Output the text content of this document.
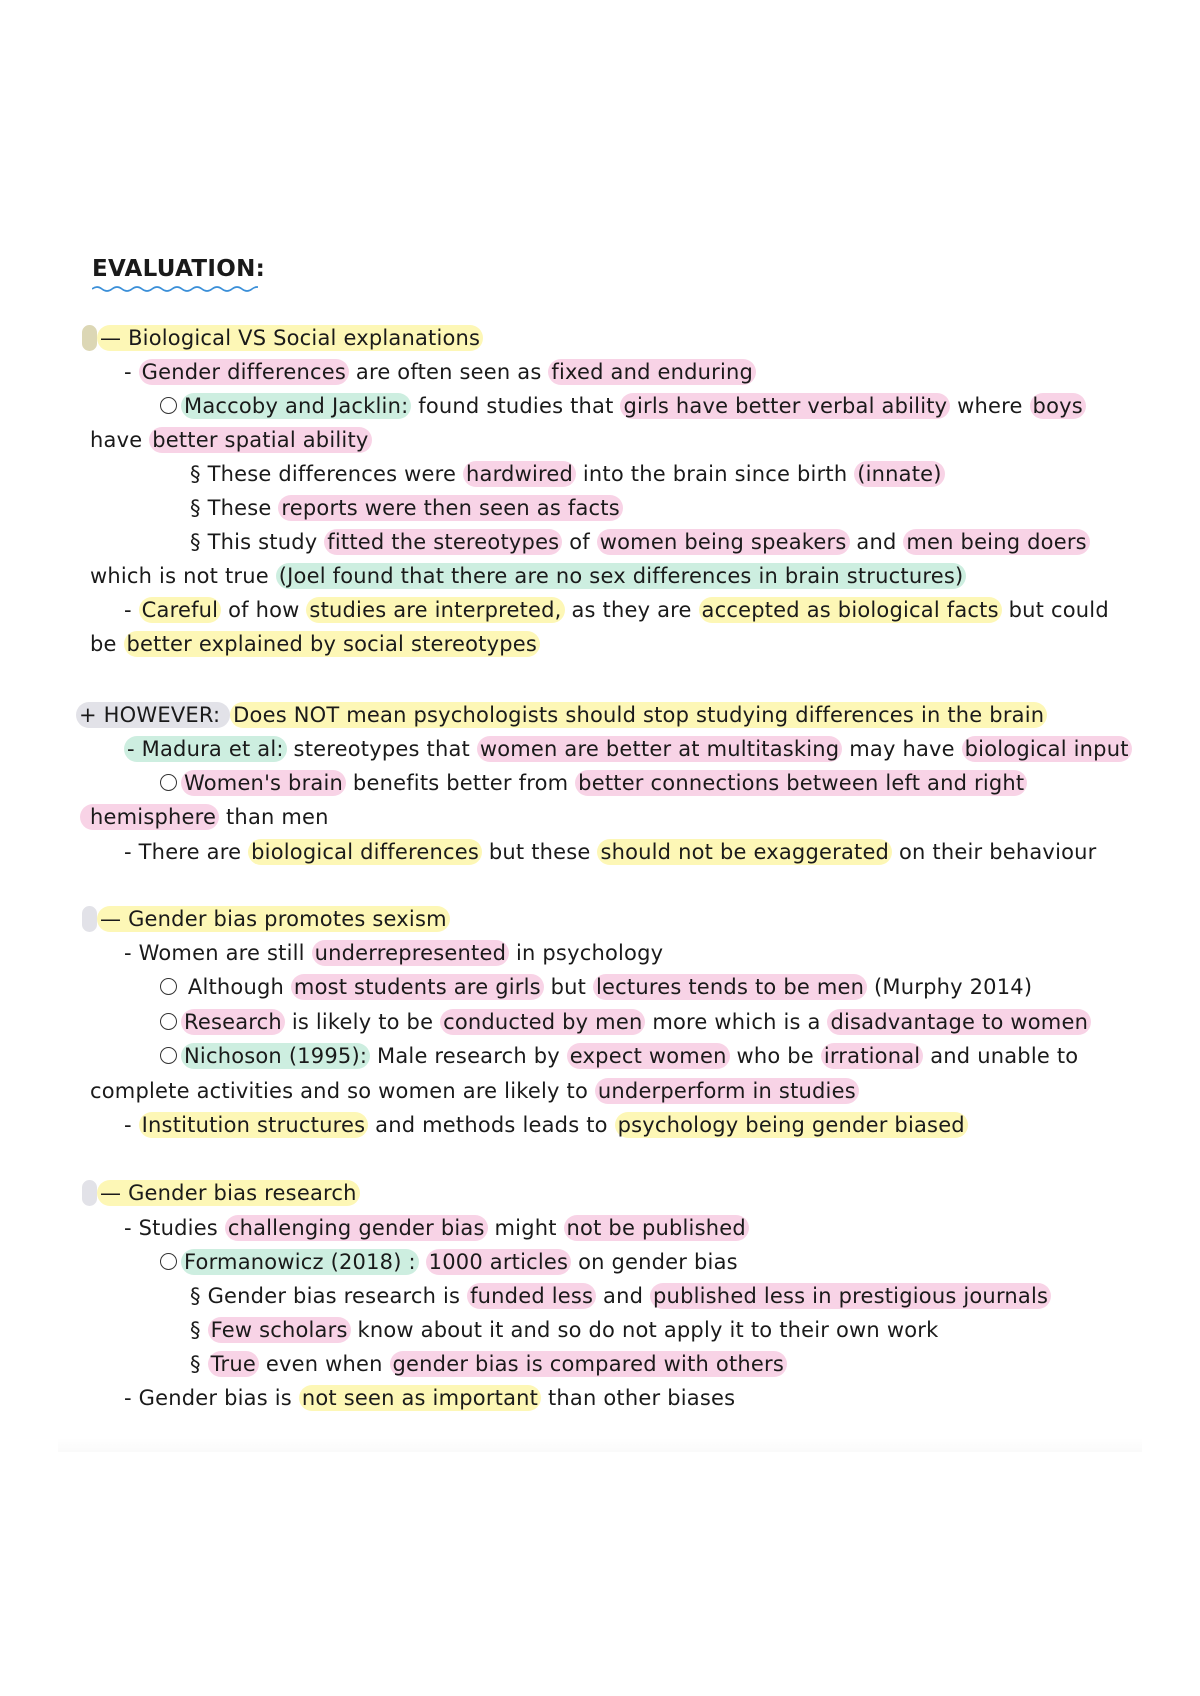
EVALUATION:
— Biological VS Social explanations
- Gender differences are often seen as fixed and enduring
Maccoby and Jacklin: found studies that girls have better verbal ability where boys
have better spatial ability
§ These differences were hardwired into the brain since birth (innate)
§ These reports were then seen as facts
§ This study fitted the stereotypes of women being speakers and men being doers
which is not true (Joel found that there are no sex differences in brain structures)
- Careful of how studies are interpreted, as they are accepted as biological facts but could
be better explained by social stereotypes
+ HOWEVER: Does NOT mean psychologists should stop studying differences in the brain
- Madura et al: stereotypes that women are better at multitasking may have biological input
Women's brain benefits better from better connections between left and right
hemisphere than men
- There are biological differences but these should not be exaggerated on their behaviour
— Gender bias promotes sexism
- Women are still underrepresented in psychology
Although most students are girls but lectures tends to be men (Murphy 2014)
Research is likely to be conducted by men more which is a disadvantage to women
Nichoson (1995): Male research by expect women who be irrational and unable to
complete activities and so women are likely to underperform in studies
- Institution structures and methods leads to psychology being gender biased
— Gender bias research
- Studies challenging gender bias might not be published
Formanowicz (2018) : 1000 articles on gender bias
§ Gender bias research is funded less and published less in prestigious journals
§ Few scholars know about it and so do not apply it to their own work
§ True even when gender bias is compared with others
- Gender bias is not seen as important than other biases
